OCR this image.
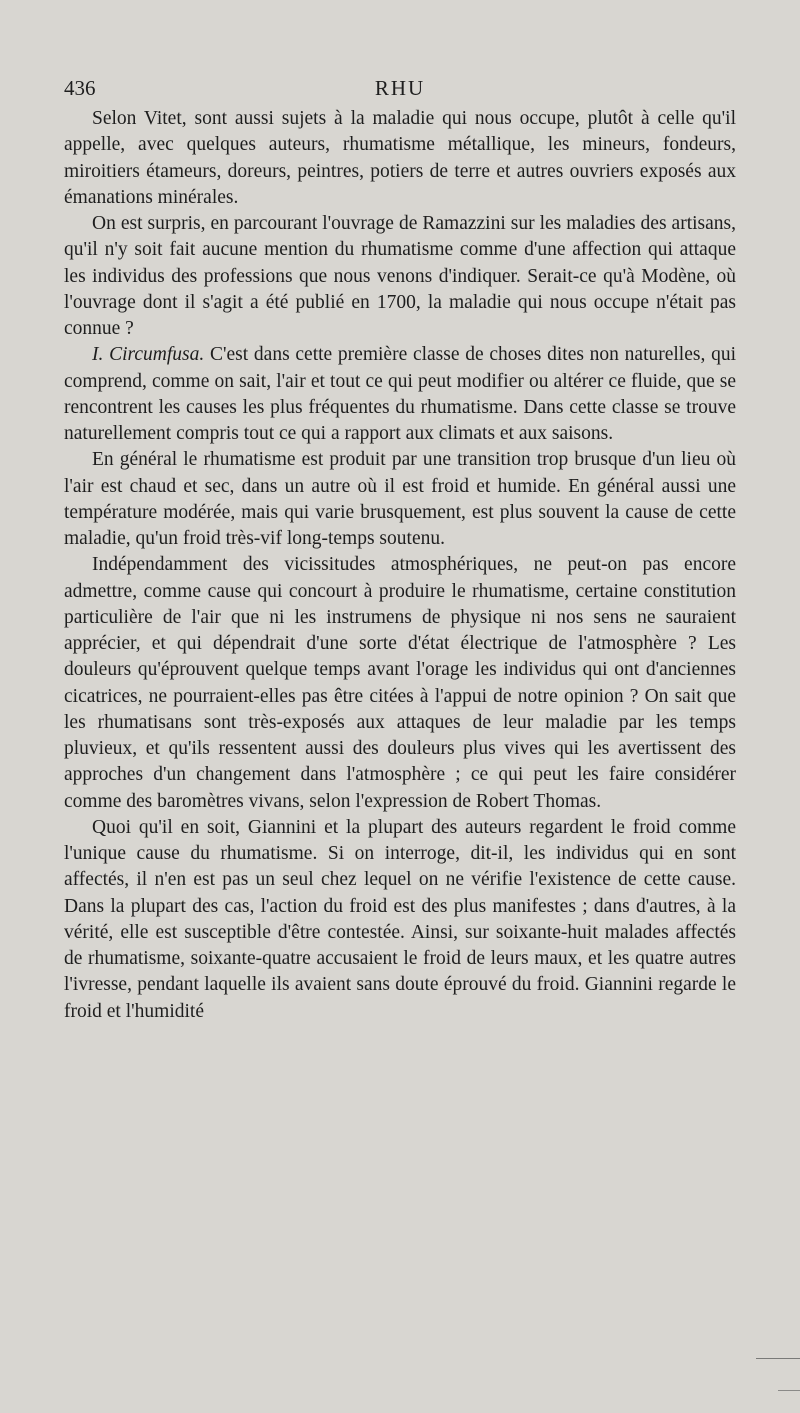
436	RHU

Selon Vitet, sont aussi sujets à la maladie qui nous occupe, plutôt à celle qu'il appelle, avec quelques auteurs, rhumatisme métallique, les mineurs, fondeurs, miroitiers étameurs, doreurs, peintres, potiers de terre et autres ouvriers exposés aux émanations minérales.

On est surpris, en parcourant l'ouvrage de Ramazzini sur les maladies des artisans, qu'il n'y soit fait aucune mention du rhumatisme comme d'une affection qui attaque les individus des professions que nous venons d'indiquer. Serait-ce qu'à Modène, où l'ouvrage dont il s'agit a été publié en 1700, la maladie qui nous occupe n'était pas connue ?

I. Circumfusa. C'est dans cette première classe de choses dites non naturelles, qui comprend, comme on sait, l'air et tout ce qui peut modifier ou altérer ce fluide, que se rencontrent les causes les plus fréquentes du rhumatisme. Dans cette classe se trouve naturellement compris tout ce qui a rapport aux climats et aux saisons.

En général le rhumatisme est produit par une transition trop brusque d'un lieu où l'air est chaud et sec, dans un autre où il est froid et humide. En général aussi une température modérée, mais qui varie brusquement, est plus souvent la cause de cette maladie, qu'un froid très-vif long-temps soutenu.

Indépendamment des vicissitudes atmosphériques, ne peut-on pas encore admettre, comme cause qui concourt à produire le rhumatisme, certaine constitution particulière de l'air que ni les instrumens de physique ni nos sens ne sauraient apprécier, et qui dépendrait d'une sorte d'état électrique de l'atmosphère ? Les douleurs qu'éprouvent quelque temps avant l'orage les individus qui ont d'anciennes cicatrices, ne pourraient-elles pas être citées à l'appui de notre opinion ? On sait que les rhumatisans sont très-exposés aux attaques de leur maladie par les temps pluvieux, et qu'ils ressentent aussi des douleurs plus vives qui les avertissent des approches d'un changement dans l'atmosphère ; ce qui peut les faire considérer comme des baromètres vivans, selon l'expression de Robert Thomas.

Quoi qu'il en soit, Giannini et la plupart des auteurs regardent le froid comme l'unique cause du rhumatisme. Si on interroge, dit-il, les individus qui en sont affectés, il n'en est pas un seul chez lequel on ne vérifie l'existence de cette cause. Dans la plupart des cas, l'action du froid est des plus manifestes ; dans d'autres, à la vérité, elle est susceptible d'être contestée. Ainsi, sur soixante-huit malades affectés de rhumatisme, soixante-quatre accusaient le froid de leurs maux, et les quatre autres l'ivresse, pendant laquelle ils avaient sans doute éprouvé du froid. Giannini regarde le froid et l'humidité
